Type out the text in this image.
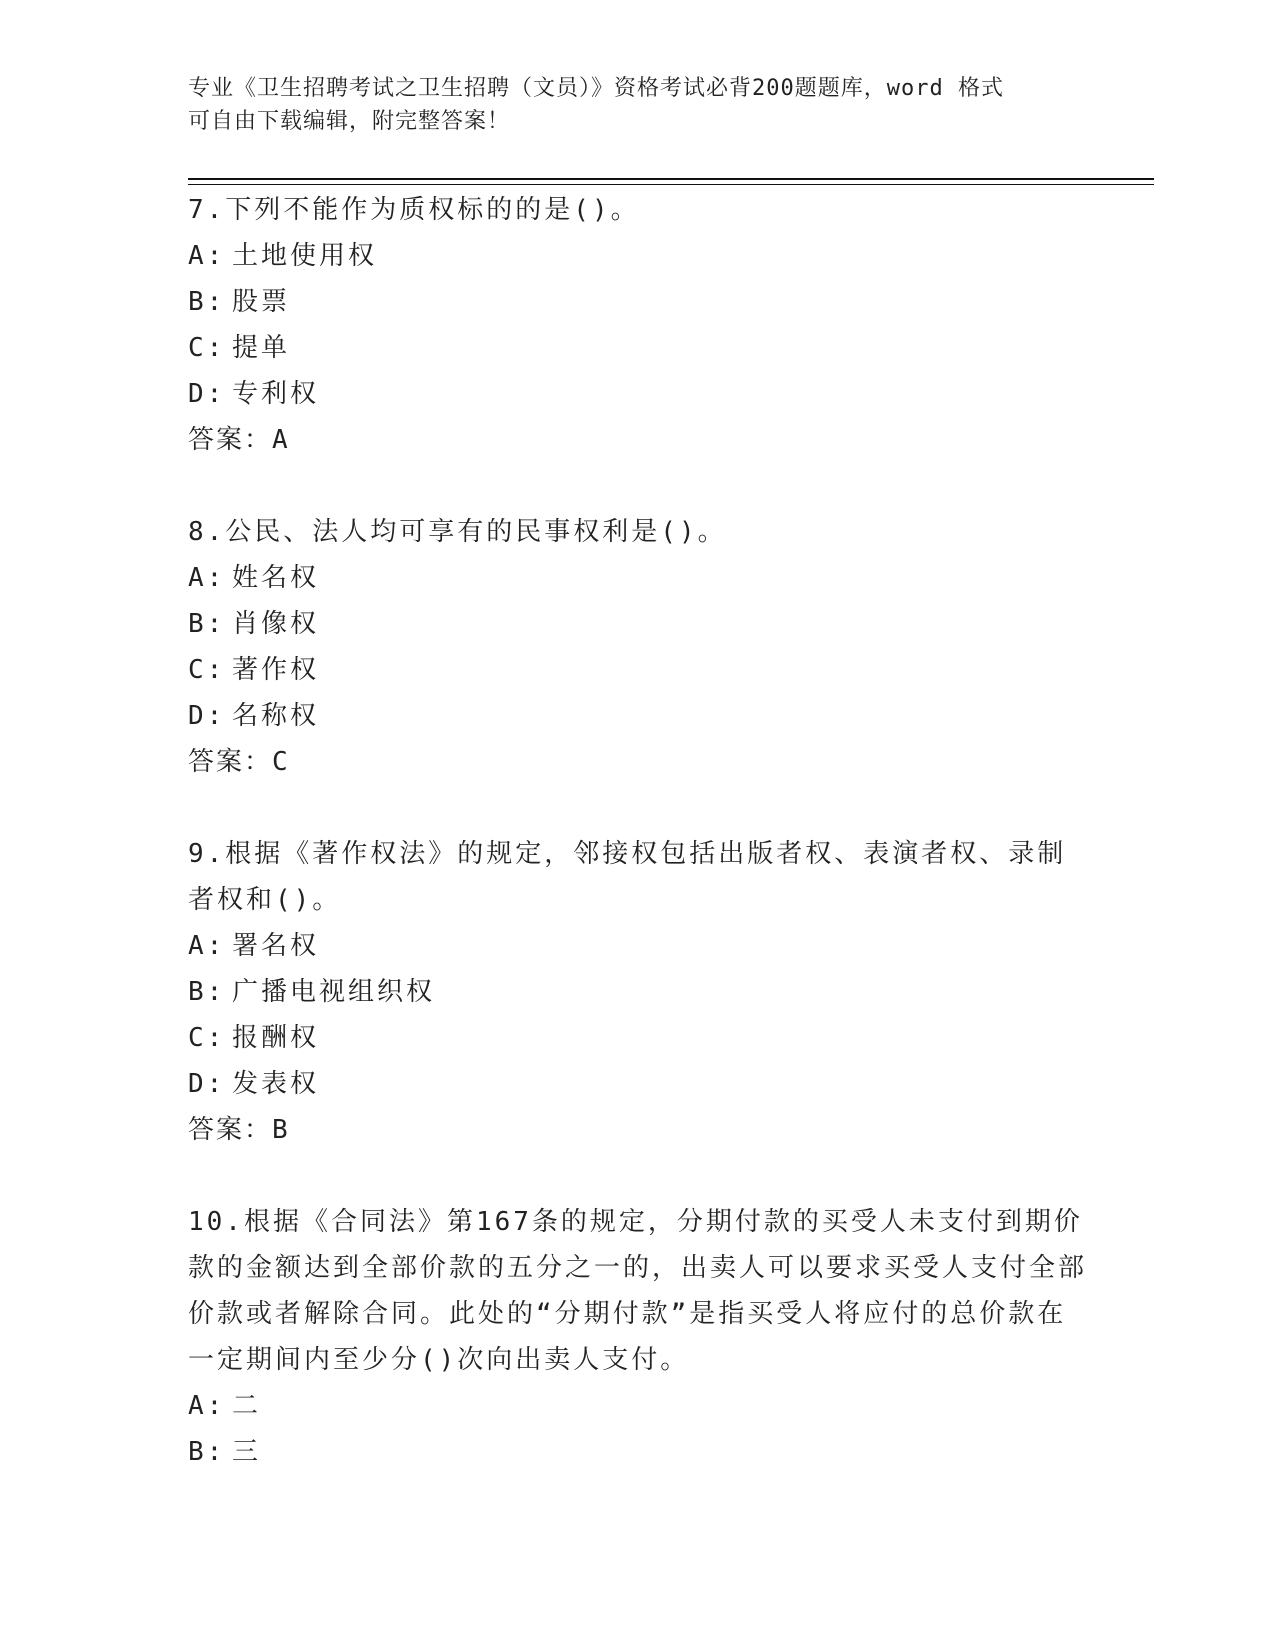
专业《卫生招聘考试之卫生招聘（文员）》资格考试必背200题题库，word 格式
可自由下载编辑，附完整答案！

7.下列不能作为质权标的的是()。

A: 土地使用权
B: 股票
C: 提单
D: 专利权
答案：A

8.公民、法人均可享有的民事权利是()。

A: 姓名权
B: 肖像权
C: 著作权
D: 名称权
答案：C

9.根据《著作权法》的规定，邻接权包括出版者权、表演者权、录制者权和()。

A: 署名权
B: 广播电视组织权
C: 报酬权
D: 发表权
答案：B

10.根据《合同法》第167条的规定，分期付款的买受人未支付到期价款的金额达到全部价款的五分之一的，出卖人可以要求买受人支付全部价款或者解除合同。此处的“分期付款”是指买受人将应付的总价款在一定期间内至少分()次向出卖人支付。

A: 二
B: 三
